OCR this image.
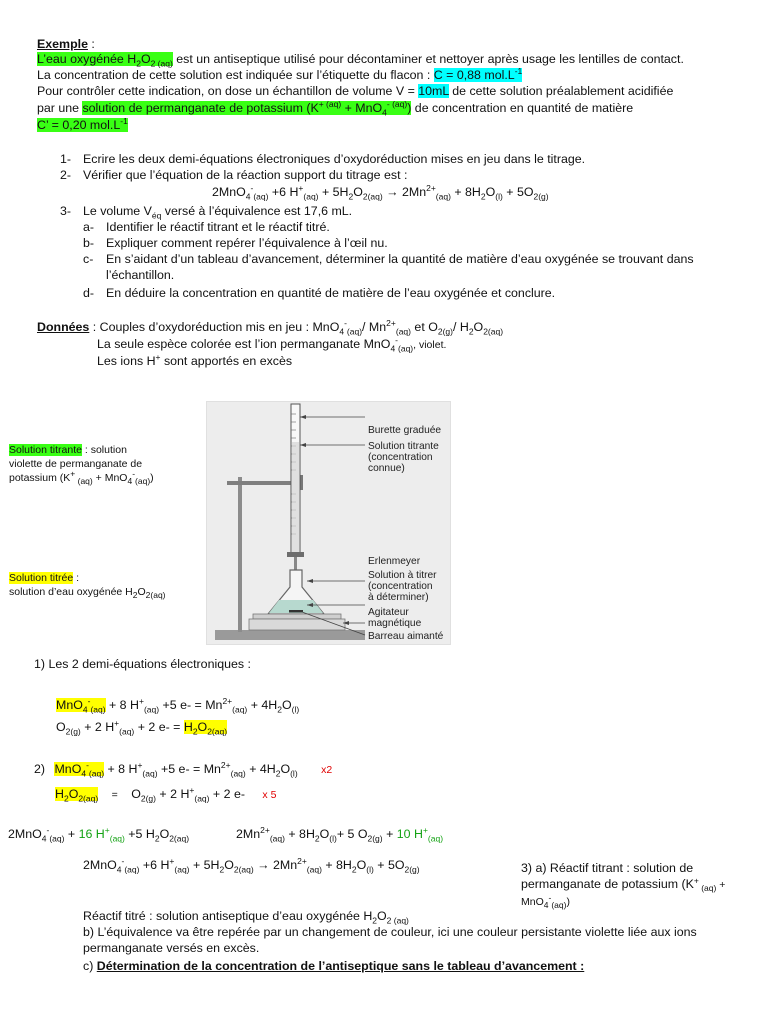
Exemple :
L’eau oxygénée $H_2O_{2 (aq)}$ est un antiseptique utilisé pour décontaminer et nettoyer après usage les lentilles de contact.
La concentration de cette solution est indiquée sur l’étiquette du flacon : C = 0,88 $mol.L^{-1}$
Pour contrôler cette indication, on dose un échantillon de volume V = 10mL de cette solution préalablement acidifiée
par une solution de permanganate de potassium $(K^{+ (aq)} + MnO_4^{- (aq)})$ de concentration en quantité de matière
C’ = 0,20 $mol.L^{-1}$
1- Ecrire les deux demi-équations électroniques d’oxydoréduction mises en jeu dans le titrage.
2- Vérifier que l’équation de la réaction support du titrage est :
2MnO$_4$-$_{(aq)}$ +6 $H^+_{(aq)} + 5H_2O_{2(aq)} \to 2Mn^{2+}_{(aq)} + 8H_2O_{(l)} + 5O_{2(g)}$
3- Le volume $V_{éq}$ versé à l’équivalence est 17,6 mL.
a- Identifier le réactif titrant et le réactif titré.
b- Expliquer comment repérer l’équivalence à l’œil nu.
c- En s’aidant d’un tableau d’avancement, déterminer la quantité de matière d’eau oxygénée se trouvant dans
l’échantillon.
d- En déduire la concentration en quantité de matière de l’eau oxygénée et conclure.
Données : Couples d’oxydoréduction mis en jeu : MnO$_4$-$_{(aq)}$/ $Mn^{2+}_{(aq)}$ et $O_{2(g)}/$ $H_2O_{2(aq)}$
La seule espèce colorée est l’ion permanganate MnO$_4$-$_{(aq)}$, violet.
Les ions H+ sont apportés en excès
Solution titrante : solution
violette de permanganate de
potassium (K+ $_{(aq)}$ + MnO$_4$-$_{(aq)}$)
Solution titrée :
solution d’eau oxygénée $H_2O_{2(aq)}$
Burette graduée
Solution titrante
(concentration
connue)
Erlenmeyer
Solution à titrer
(concentration
à déterminer)
Agitateur
magnétique
Barreau aimanté
1) Les 2 demi-équations électroniques :
MnO$_4$-$_{(aq)}$ + 8 $H^+_{(aq)} +5$ $e- = Mn^{2+}_{(aq)} + 4H_2O_{(l)}$
$O_{2(g)} + 2$ $H^+_{(aq)} + 2$ $e- = H_2O_{2(aq)}$
2) MnO$_4$-$_{(aq)}$ + 8 $H^+_{(aq)} +5$ $e- = Mn^{2+}_{(aq)} + 4H_2O_{(l)}$ x2
$H_2O_{2(aq)} = O_{2(g)} + 2$ $H^+_{(aq)} + 2$ e- x 5
2MnO$_4$-$_{(aq)}$ + 16 $H^+_{(aq)} +5$ $H_2O_{2(aq)}$	$2Mn^{2+}_{(aq)} + 8H_2O_{(l)}+ 5$ $O_{2(g)} + 10$ $H^+_{(aq)}$
2MnO$_4$-$_{(aq)}$ +6 $H^+_{(aq)} + 5H_2O_{2(aq)} \to 2Mn^{2+}_{(aq)} + 8H_2O_{(l)} + 5O_{2(g)}$	3) a) Réactif titrant : solution de
permanganate de potassium (K+ $_{(aq)}$ +
MnO$_4$-$_{(aq)}$)
Réactif titré : solution antiseptique d’eau oxygénée $H_2O_{2 (aq)}$
b) L’équivalence va être repérée par un changement de couleur, ici une couleur persistante violette liée aux ions
permanganate versés en excès.
c) Détermination de la concentration de l’antiseptique sans le tableau d’avancement :
